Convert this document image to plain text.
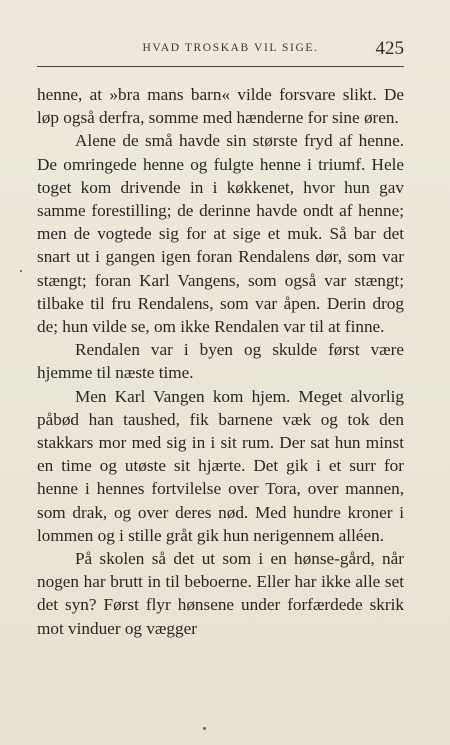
HVAD TROSKAB VIL SIGE.	425

henne, at »bra mans barn« vilde forsvare slikt. De løp også derfra, somme med hænderne for sine øren.

Alene de små havde sin største fryd af henne. De omringede henne og fulgte henne i triumf. Hele toget kom drivende in i køkkenet, hvor hun gav samme forestilling; de derinne havde ondt af henne; men de vogtede sig for at sige et muk. Så bar det snart ut i gangen igen foran Rendalens dør, som var stængt; foran Karl Vangens, som også var stængt; tilbake til fru Rendalens, som var åpen. Derin drog de; hun vilde se, om ikke Rendalen var til at finne.

Rendalen var i byen og skulde først være hjemme til næste time.

Men Karl Vangen kom hjem. Meget alvorlig påbød han taushed, fik barnene væk og tok den stakkars mor med sig in i sit rum. Der sat hun minst en time og utøste sit hjærte. Det gik i et surr for henne i hennes fortvilelse over Tora, over mannen, som drak, og over deres nød. Med hundre kroner i lommen og i stille gråt gik hun nerigennem alléen.

På skolen så det ut som i en hønse-gård, når nogen har brutt in til beboerne. Eller har ikke alle set det syn? Først flyr hønsene under forfærdede skrik mot vinduer og vægger
